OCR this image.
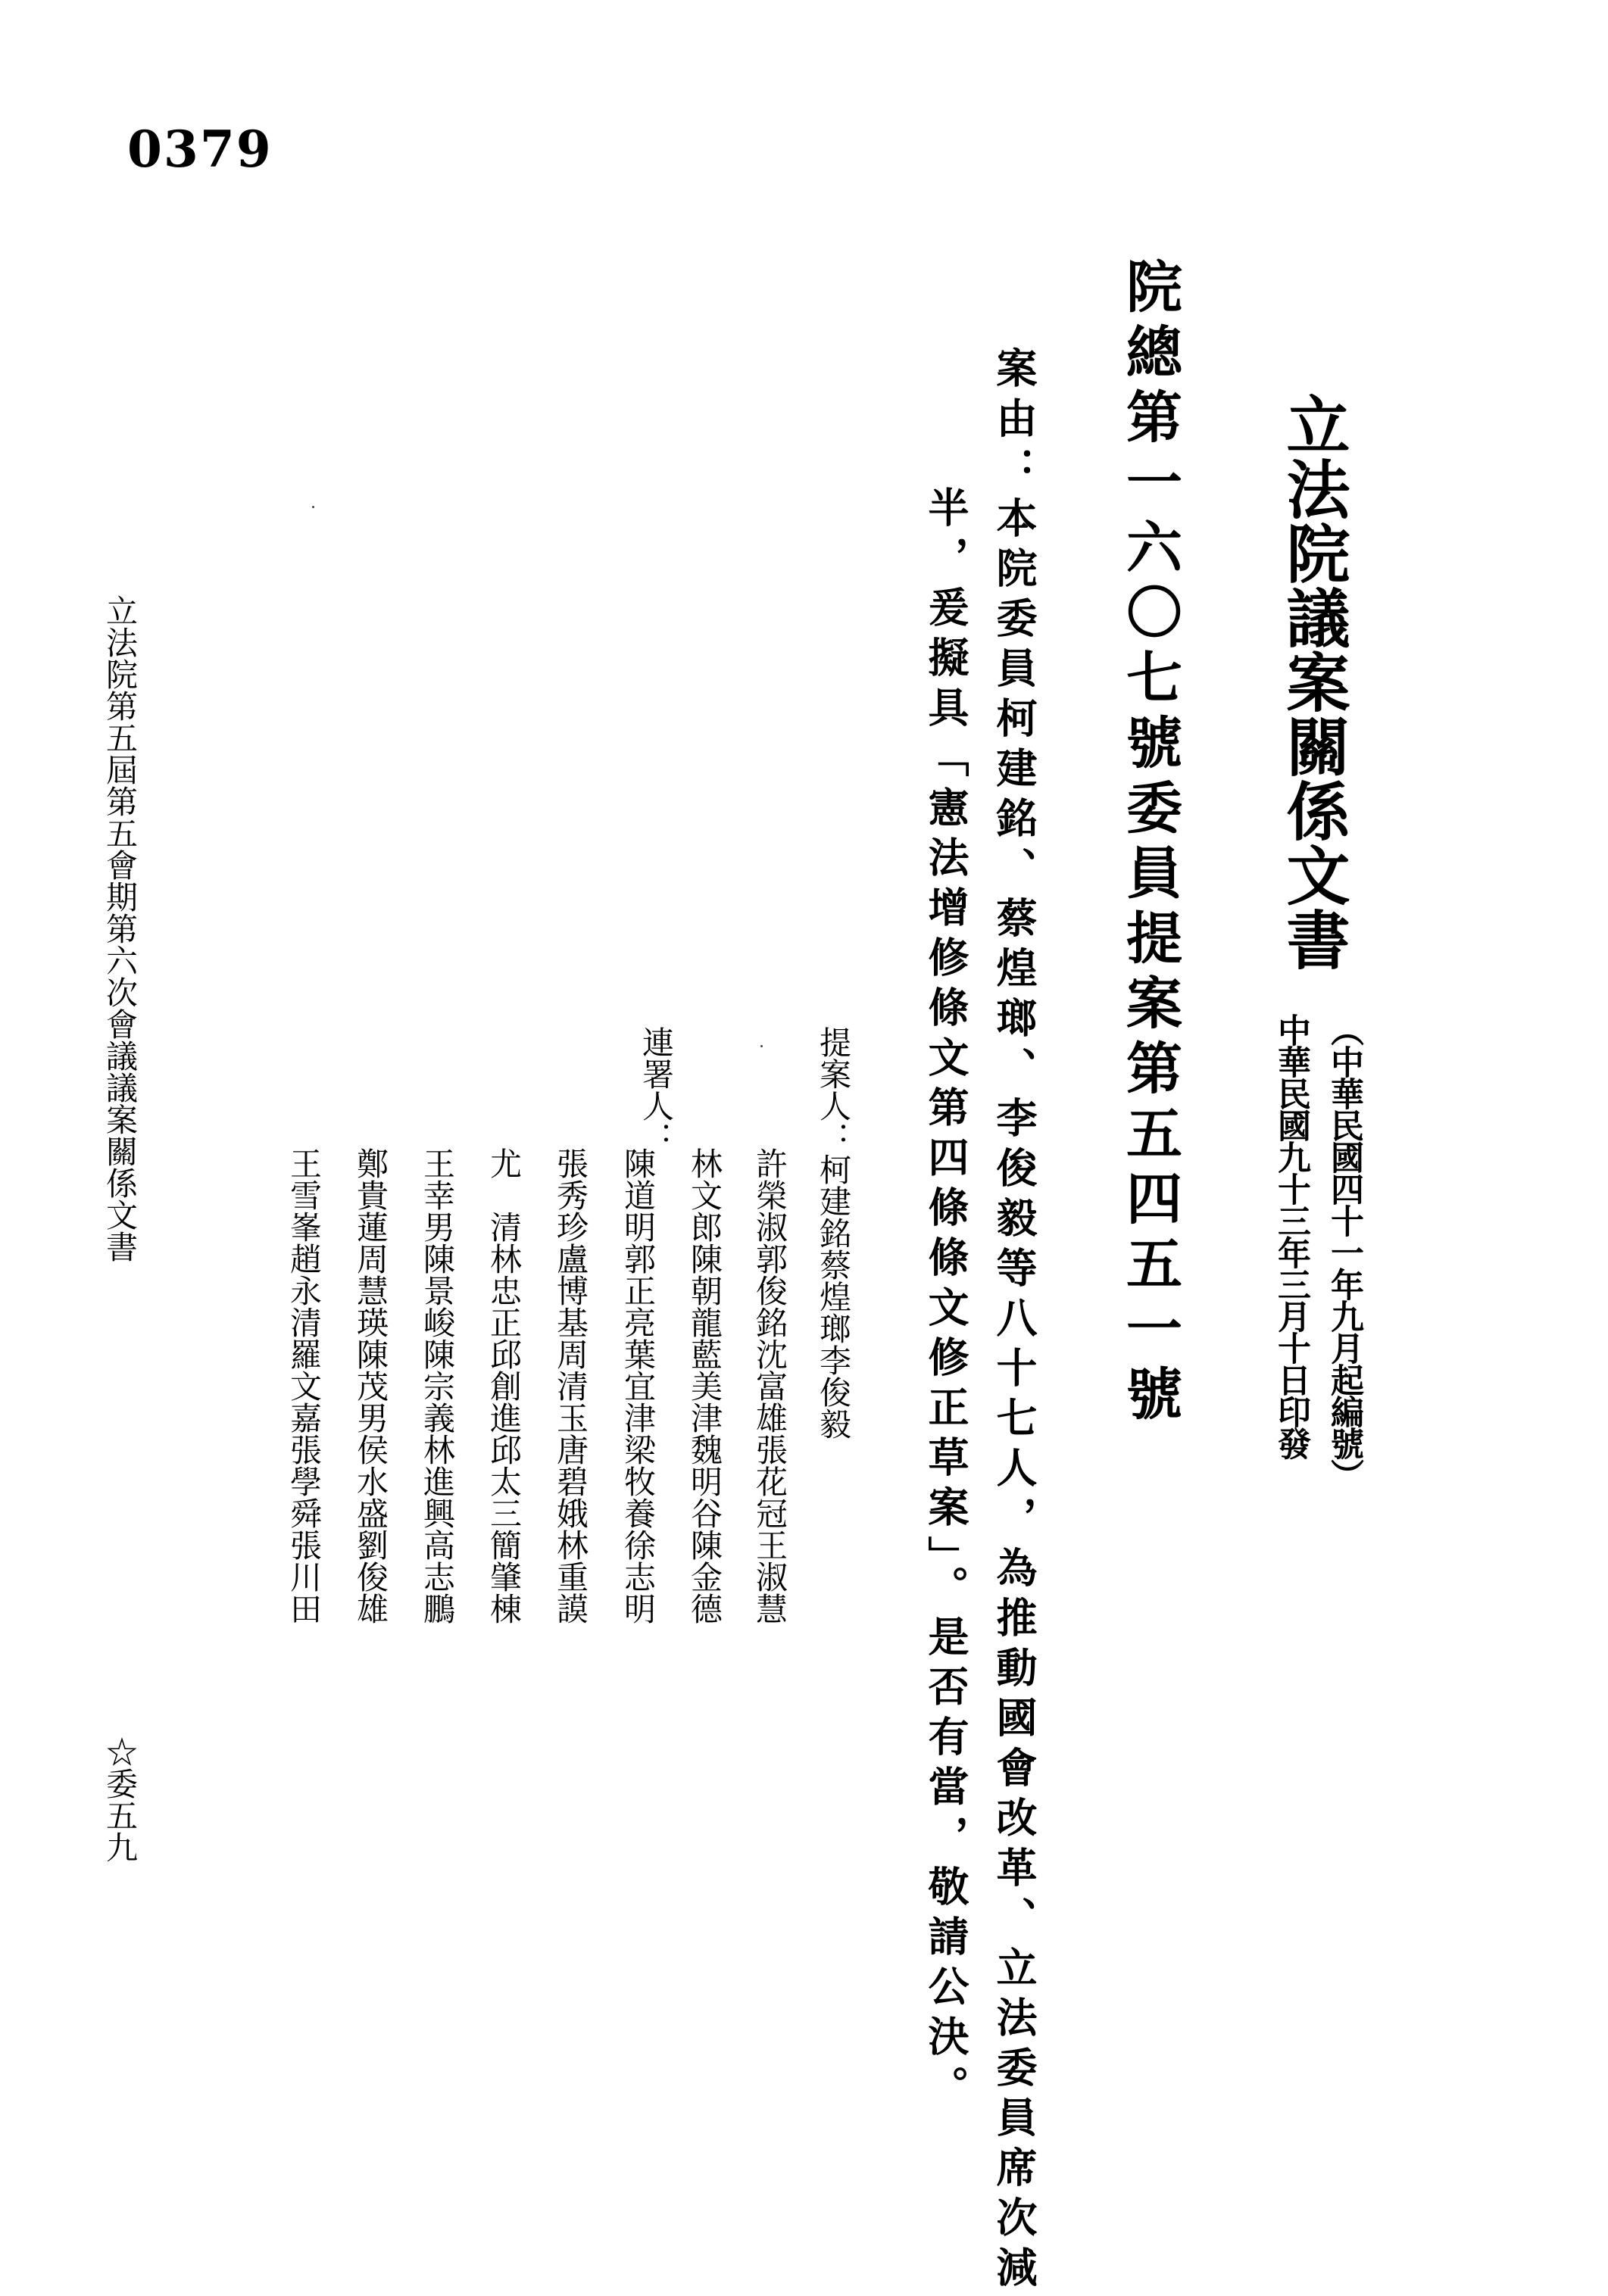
0379
立法院議案關係文書
（中華民國四十一年九月起編號）
中華民國九十三年三月十日印發
院總第一六〇七號委員提案第五四五一號
案由：本院委員柯建銘、蔡煌瑯、李俊毅等八十七人，為推動國會改革、立法委員席次減
半，爰擬具「憲法增修條文第四條條文修正草案」。是否有當，敬請公決。
提案人：柯建銘蔡煌瑯李俊毅
連署人：
許榮淑郭俊銘沈富雄張花冠王淑慧
林文郎陳朝龍藍美津魏明谷陳金德
陳道明郭正亮葉宜津梁牧養徐志明
張秀珍盧博基周清玉唐碧娥林重謨
尤　清林忠正邱創進邱太三簡肇棟
王幸男陳景峻陳宗義林進興高志鵬
鄭貴蓮周慧瑛陳茂男侯水盛劉俊雄
王雪峯趙永清羅文嘉張學舜張川田
立法院第五屆第五會期第六次會議議案關係文書
☆委五九
